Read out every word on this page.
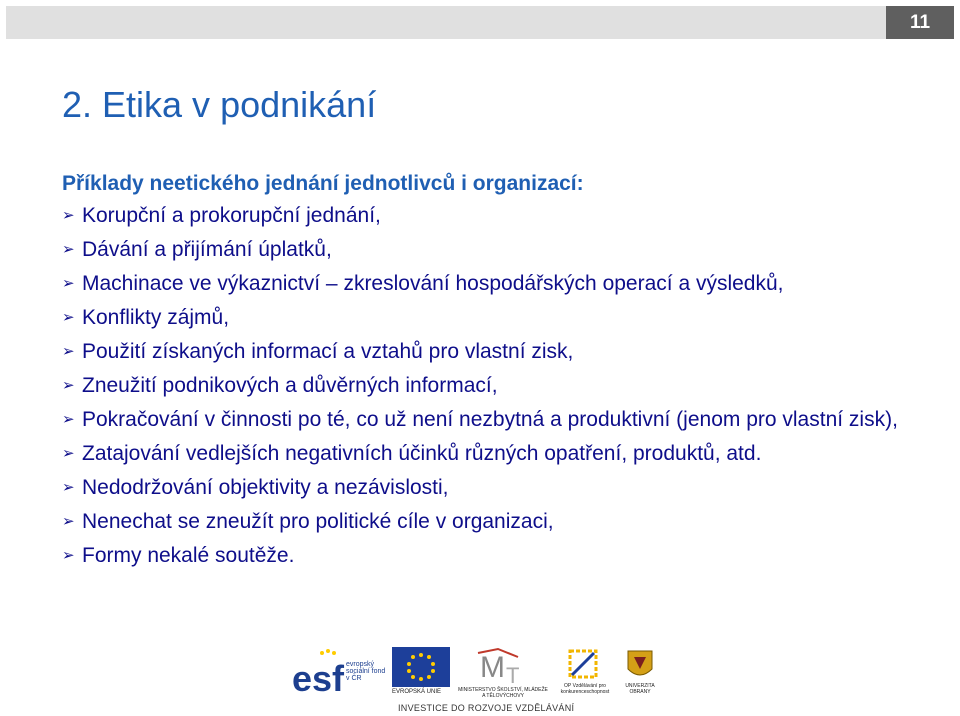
11
2. Etika v podnikání
Příklady neetického jednání jednotlivců i organizací:
➢ Korupční a prokorupční jednání,
➢ Dávání a přijímání úplatků,
➢ Machinace ve výkaznictví – zkreslování hospodářských operací a výsledků,
➢ Konflikty zájmů,
➢ Použití získaných informací a vztahů pro vlastní zisk,
➢ Zneužití podnikových a důvěrných informací,
➢ Pokračování v činnosti po té, co už není nezbytná a produktivní (jenom pro vlastní zisk),
➢ Zatajování vedlejších negativních účinků různých opatření, produktů, atd.
➢ Nedodržování objektivity a nezávislosti,
➢ Nenechat se zneužít pro politické cíle v organizaci,
➢ Formy nekalé soutěže.
esf evropský sociální fond v ČR
EVROPSKÁ UNIE
M T
MINISTERSTVO ŠKOLSTVÍ, MLÁDEŽE A TĚLOVÝCHOVY
OP Vzdělávání pro konkurenceschopnost
UNIVERZITA OBRANY
INVESTICE DO ROZVOJE VZDĚLÁVÁNÍ
